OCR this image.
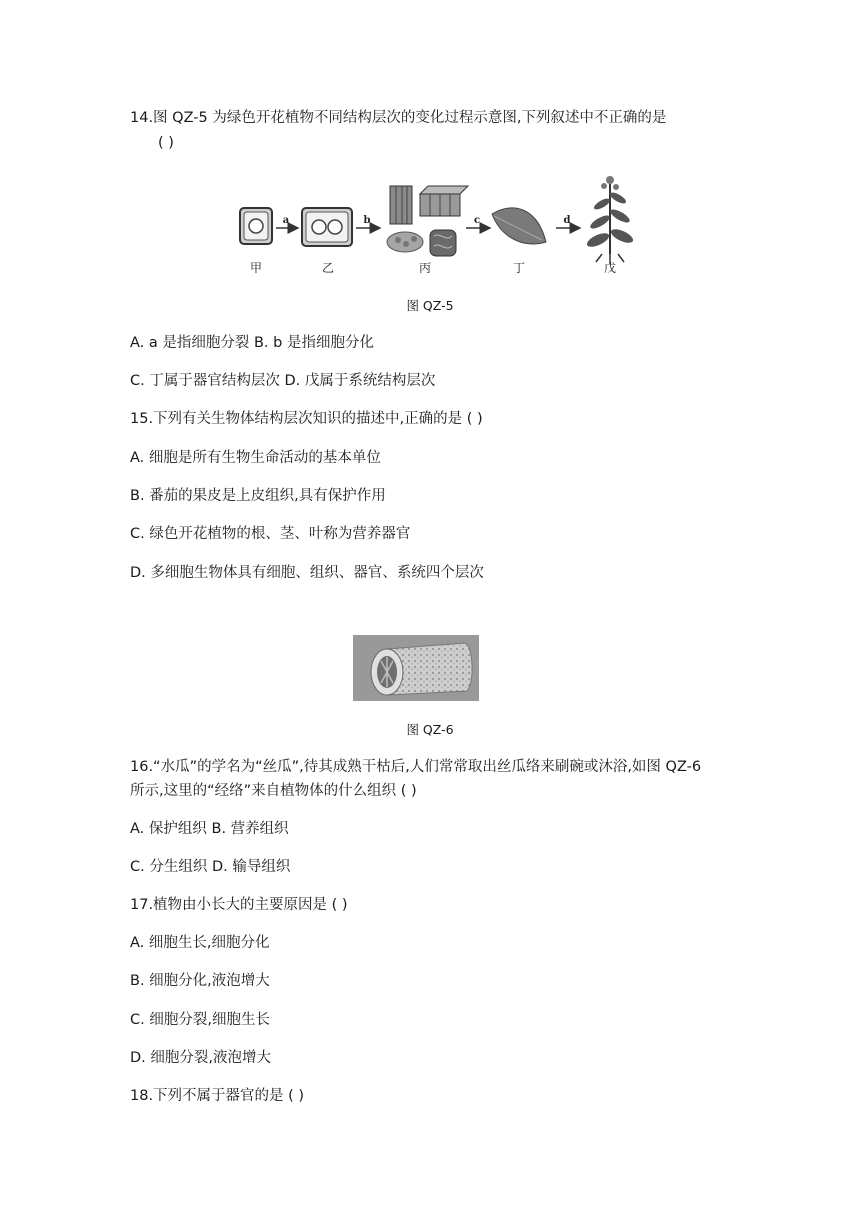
14.图 QZ-5 为绿色开花植物不同结构层次的变化过程示意图,下列叙述中不正确的是
( )
a	b	c	d
甲	乙	丙	丁	戊
图 QZ-5
A. a 是指细胞分裂 B. b 是指细胞分化
C. 丁属于器官结构层次 D. 戊属于系统结构层次
15.下列有关生物体结构层次知识的描述中,正确的是 ( )
A. 细胞是所有生物生命活动的基本单位
B. 番茄的果皮是上皮组织,具有保护作用
C. 绿色开花植物的根、茎、叶称为营养器官
D. 多细胞生物体具有细胞、组织、器官、系统四个层次
图 QZ-6
16.“水瓜”的学名为“丝瓜”,待其成熟干枯后,人们常常取出丝瓜络来刷碗或沐浴,如图 QZ-6
所示,这里的“经络”来自植物体的什么组织 ( )
A. 保护组织 B. 营养组织
C. 分生组织 D. 输导组织
17.植物由小长大的主要原因是 ( )
A. 细胞生长,细胞分化
B. 细胞分化,液泡增大
C. 细胞分裂,细胞生长
D. 细胞分裂,液泡增大
18.下列不属于器官的是 ( )
